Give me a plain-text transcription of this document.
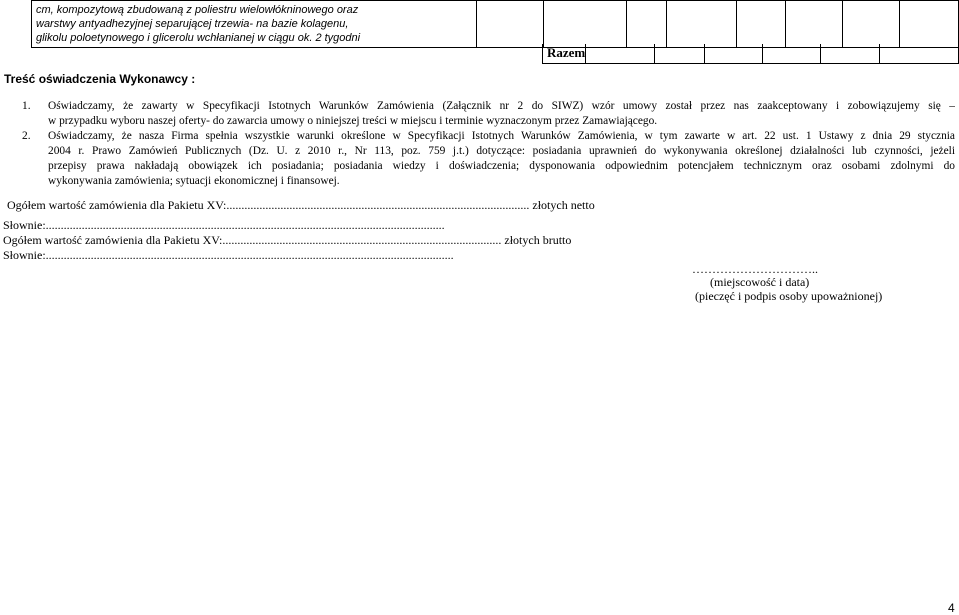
cm, kompozytową zbudowaną z poliestru wielowłókninowego oraz
warstwy antyadhezyjnej separującej trzewia- na bazie kolagenu,
glikolu poloetynowego i glicerolu wchłanianej w ciągu ok. 2 tygodni

Razem
Treść oświadczenia Wykonawcy :
1. Oświadczamy, że zawarty w Specyfikacji Istotnych Warunków Zamówienia (Załącznik nr 2 do SIWZ) wzór umowy został przez nas zaakceptowany i zobowiązujemy się –
w przypadku wyboru naszej oferty- do zawarcia umowy o niniejszej treści w miejscu i terminie wyznaczonym przez Zamawiającego.
2. Oświadczamy, że nasza Firma spełnia wszystkie warunki określone w Specyfikacji Istotnych Warunków Zamówienia, w tym zawarte w art. 22 ust. 1 Ustawy z dnia 29 stycznia
2004 r. Prawo Zamówień Publicznych (Dz. U. z 2010 r., Nr 113, poz. 759 j.t.) dotyczące: posiadania uprawnień do wykonywania określonej działalności lub czynności, jeżeli
przepisy prawa nakładają obowiązek ich posiadania; posiadania wiedzy i doświadczenia; dysponowania odpowiednim potencjałem technicznym oraz osobami zdolnymi do
wykonywania zamówienia; sytuacji ekonomicznej i finansowej.
Ogółem wartość zamówienia dla Pakietu XV:..................................................................................................... złotych netto
Słownie:.....................................................................................................................................
Ogółem wartość zamówienia dla Pakietu XV:............................................................................................. złotych brutto
Słownie:........................................................................................................................................
…………………………..
(miejscowość i data)
(pieczęć i podpis osoby upoważnionej)
4
